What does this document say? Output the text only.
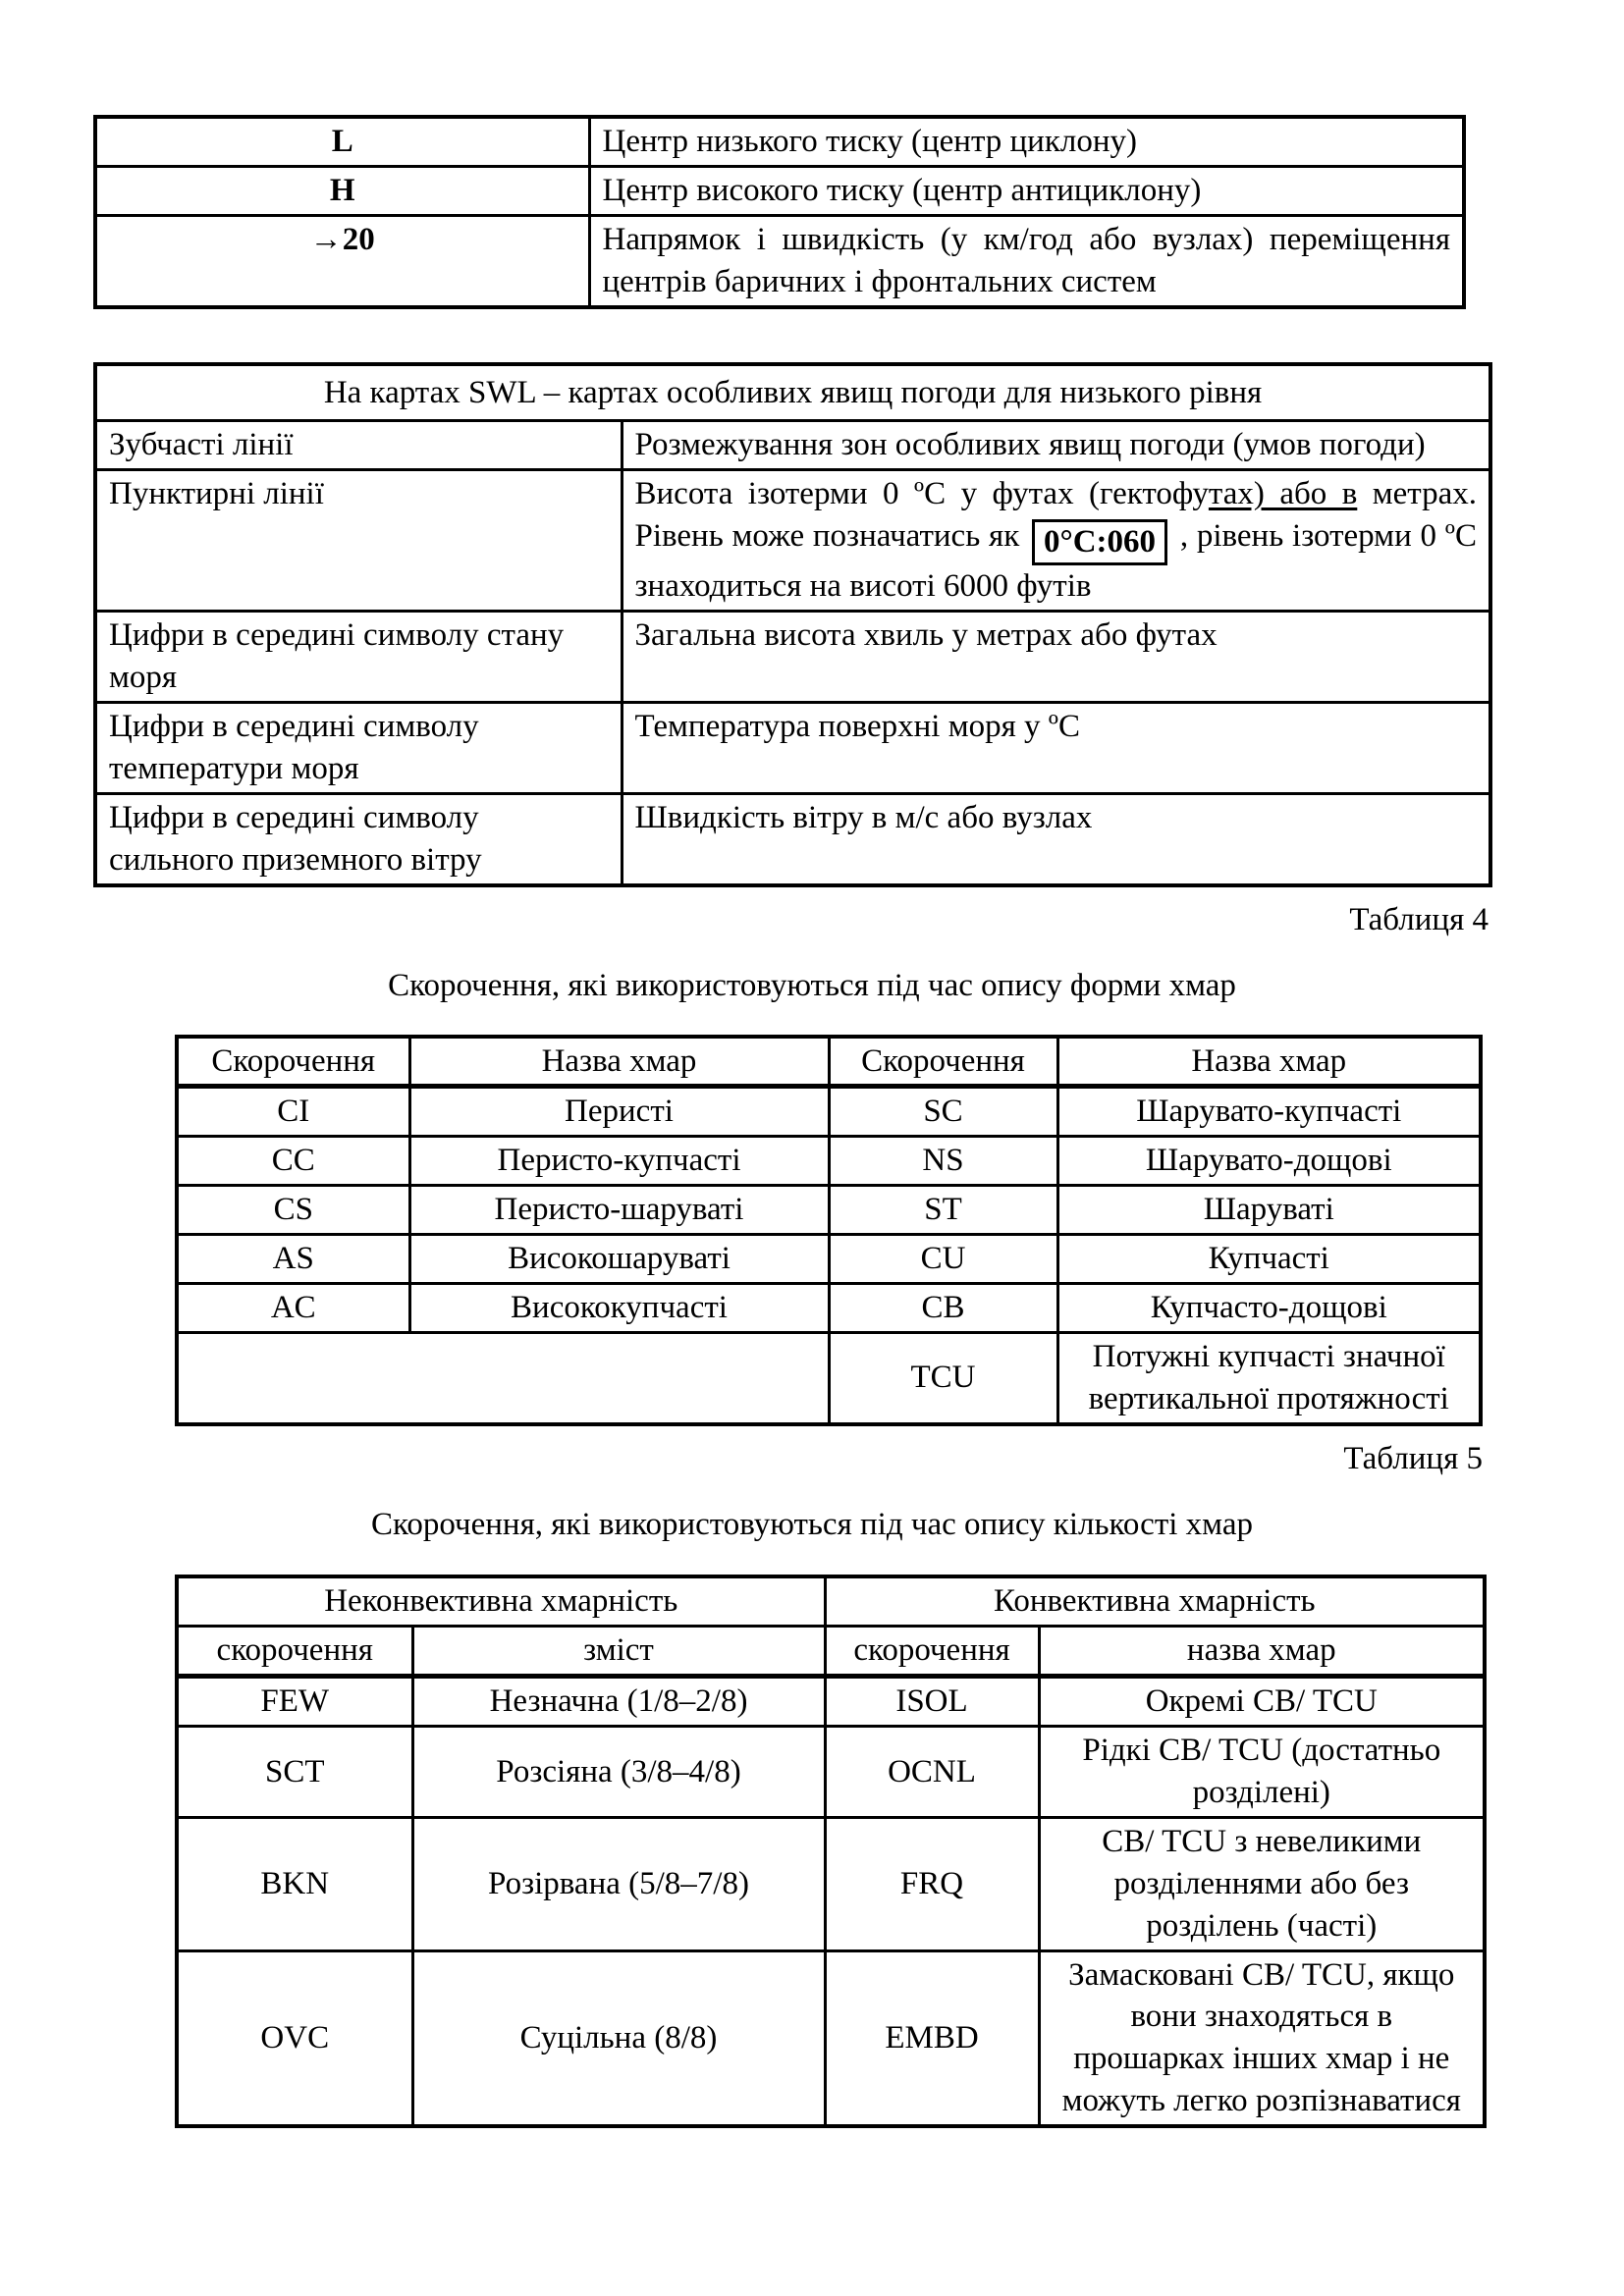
L	Центр низького тиску (центр циклону)
H	Центр високого тиску (центр антициклону)
→20	Напрямок і швидкість (у км/год або вузлах) переміщення центрів баричних і фронтальних систем
На картах SWL – картах особливих явищ погоди для низького рівня	
Зубчасті лінії	Розмежування зон особливих явищ погоди (умов погоди)
Пунктирні лінії	Висота ізотерми 0 ºС у футах (гектофутах) або в метрах. Рівень може позначатись як 0°C:060 , рівень ізотерми 0 ºС знаходиться на висоті 6000 футів
Цифри в середині символу стану моря	Загальна висота хвиль у метрах або футах
Цифри в середині символу температури моря	Температура поверхні моря у ºС
Цифри в середині символу сильного приземного вітру	Швидкість вітру в м/с або вузлах
Таблиця 4
Скорочення, які використовуються під час опису форми хмар
Скорочення	Назва хмар	Скорочення	Назва хмар
CI	Перисті	SC	Шарувато-купчасті
CC	Перисто-купчасті	NS	Шарувато-дощові
CS	Перисто-шаруваті	ST	Шаруваті
AS	Високошаруваті	CU	Купчасті
AC	Висококупчасті	CB	Купчасто-дощові
		TCU	Потужні купчасті значної вертикальної протяжності
Таблиця 5
Скорочення, які використовуються під час опису кількості хмар
Неконвективна хмарність		Конвективна хмарність	
скорочення	зміст	скорочення	назва хмар
FEW	Незначна (1/8–2/8)	ISOL	Окремі CB/ TCU
SCT	Розсіяна (3/8–4/8)	OCNL	Рідкі CB/ TCU (достатньо розділені)
BKN	Розірвана (5/8–7/8)	FRQ	CB/ TCU з невеликими розділеннями або без розділень (часті)
OVC	Суцільна (8/8)	EMBD	Замасковані CB/ TCU, якщо вони знаходяться в прошарках інших хмар і не можуть легко розпізнаватися
